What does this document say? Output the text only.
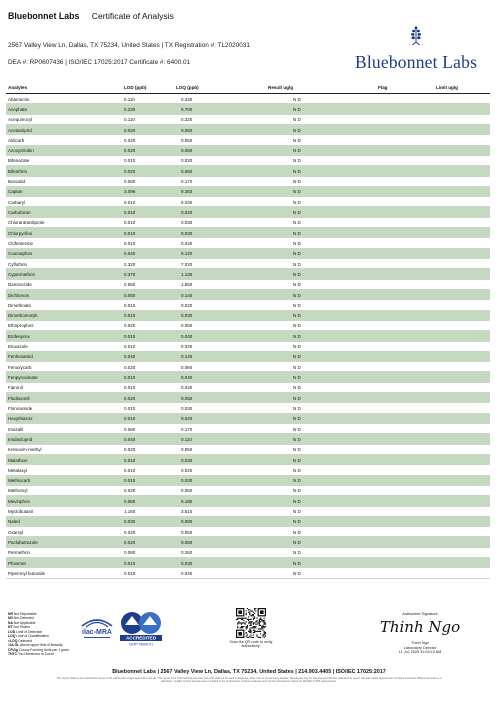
Bluebonnet Labs Certificate of Analysis
2567 Valley View Ln, Dallas, TX 75234, United States | TX Registration #: TL2020031
DEA #: RP0607436 | ISO/IEC 17025:2017 Certificate #: 6400.01	Bluebonnet Labs
Analytes	LOD (ppb)	LOQ (ppb)	Result ug/g	Flag	Limit ug/g
Abamectin	0.110	0.330	N D
Acephate	0.230	0.700	N D
Acequinocyl	0.110	0.320	N D
Acetamiprid	0.020	0.050	N D
Aldicarb	0.020	0.050	N D
Azoxystrobin	0.020	0.060	N D
Bifenazate	0.010	0.020	N D
Bifenthrin	0.020	0.060	N D
Boscalid	0.060	0.170	N D
Captan	3.096	9.383	N D
Carbaryl	0.010	0.040	N D
Carbofuran	0.010	0.020	N D
Chlorantraniliprole	0.010	0.030	N D
Chlorpyrifos	0.010	0.030	N D
Clofentezine	0.010	0.040	N D
Coumaphos	0.040	0.120	N D
Cyfluthrin	2.320	7.020	N D
Cypermethrin	0.370	1.130	N D
Daminozide	0.550	1.650	N D
Dichlorvos	0.050	0.140	N D
Dimethoate	0.010	0.020	N D
Dimethomorph	0.010	0.030	N D
Ethoprophos	0.020	0.050	N D
Etofenprox	0.010	0.040	N D
Etoxazole	0.010	0.020	N D
Fenhexamid	0.040	0.140	N D
Fenoxycarb	0.020	0.060	N D
Fenpyroximate	0.010	0.040	N D
Fipronil	0.010	0.040	N D
Fludioxonil	0.020	0.050	N D
Flonicamide	0.010	0.030	N D
Hexythiazox	0.010	0.020	N D
Imazalil	0.060	0.170	N D
Imidacloprid	0.040	0.110	N D
Kresoxim-methyl	0.020	0.050	N D
Malathion	0.010	0.030	N D
Metalaxyl	0.010	0.020	N D
Methiocarb	0.010	0.030	N D
Methomyl	0.020	0.050	N D
Mevinphos	0.060	0.180	N D
Myclobutanil	1.160	3.510	N D
Naled	0.030	0.080	N D
Oxamyl	0.020	0.050	N D
Paclobutrazole	0.020	0.060	N D
Permethrin	0.080	0.260	N D
Phosmet	0.010	0.030	N D
Piperonyl butoxide	0.010	0.040	N D
NR Not Reportable
ND Not Detected
NA Not Applicable
NT Not Tested
LOD Limit of Detection
LOQ Limit of Quantification
<LOQ Detected
>ULOL Above upper limit of linearity
CFU/g Colony Forming Units per 1 gram
TNTC Too Numerous to Count
ilac-MRA
ACCREDITED
CERT #6400.01
Scan the QR code to verify authenticity.
Authorized Signature
Thinh Ngo
Thinh Ngo
Laboratory Director
11 Jul, 2025 11:03:19 AM
Bluebonnet Labs | 2567 Valley View Ln, Dallas, TX 75234, United States | 214.903.4405 | ISO/IEC 17025:2017
This report shall not be reproduced except in full, without the written approval of the lab. This report is for informational purposes only and shall not be used to diagnose, treat, cure or prevent any disease. Results are only for samples and batches indicated on report. Sample results reported are not blank corrected. Bluebonnet Labs is a laboratory. Quality Control samples were included in the performance of these analyses and met the acceptance criteria for ISO/IEC 17025 requirements.
